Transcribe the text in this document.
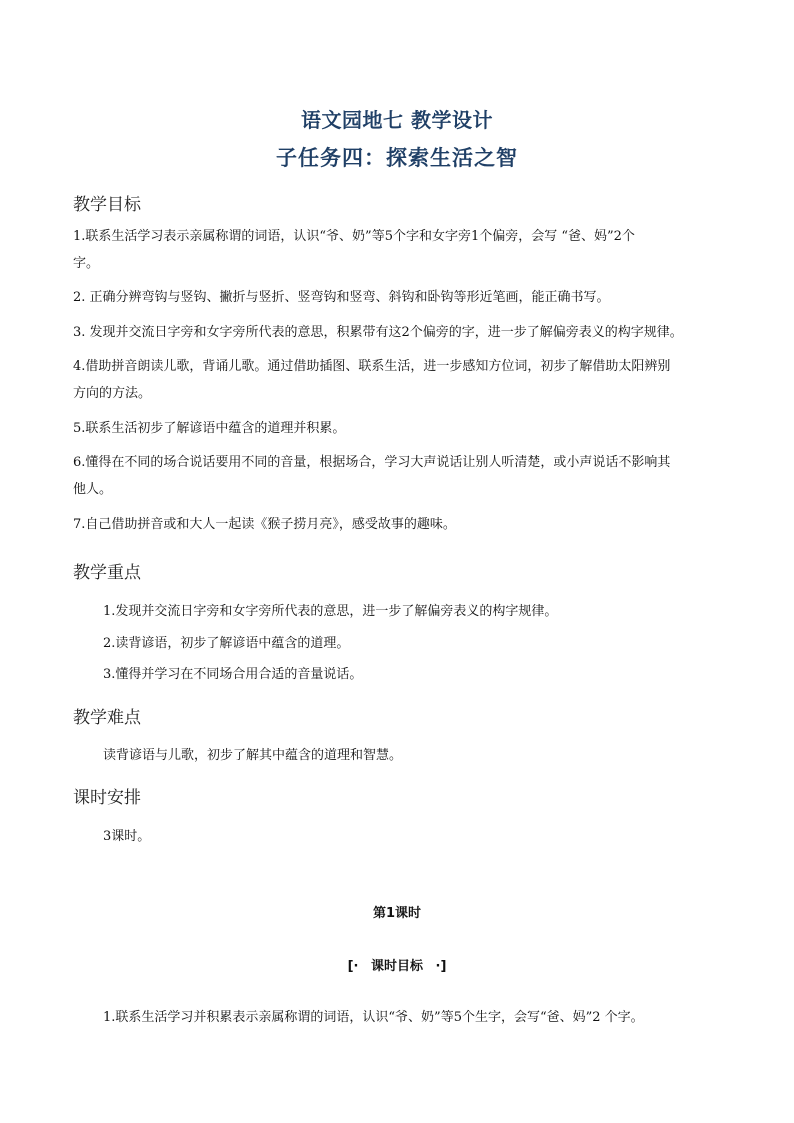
语文园地七 教学设计
子任务四：探索生活之智
教学目标
1.联系生活学习表示亲属称谓的词语，认识“爷、奶”等5个字和女字旁1个偏旁，会写 “爸、妈”2个
字。
2. 正确分辨弯钩与竖钩、撇折与竖折、竖弯钩和竖弯、斜钩和卧钩等形近笔画，能正确书写。
3. 发现并交流日字旁和女字旁所代表的意思，积累带有这2个偏旁的字，进一步了解偏旁表义的构字规律。
4.借助拼音朗读儿歌，背诵儿歌。通过借助插图、联系生活，进一步感知方位词，初步了解借助太阳辨别
方向的方法。
5.联系生活初步了解谚语中蕴含的道理并积累。
6.懂得在不同的场合说话要用不同的音量，根据场合，学习大声说话让别人听清楚，或小声说话不影响其
他人。
7.自己借助拼音或和大人一起读《猴子捞月亮》，感受故事的趣味。
教学重点
1.发现并交流日字旁和女字旁所代表的意思，进一步了解偏旁表义的构字规律。
2.读背谚语，初步了解谚语中蕴含的道理。
3.懂得并学习在不同场合用合适的音量说话。
教学难点
读背谚语与儿歌，初步了解其中蕴含的道理和智慧。
课时安排
3课时。
第1课时
[· 课时目标 ·]
1.联系生活学习并积累表示亲属称谓的词语，认识“爷、奶”等5个生字，会写“爸、妈”2 个字。
